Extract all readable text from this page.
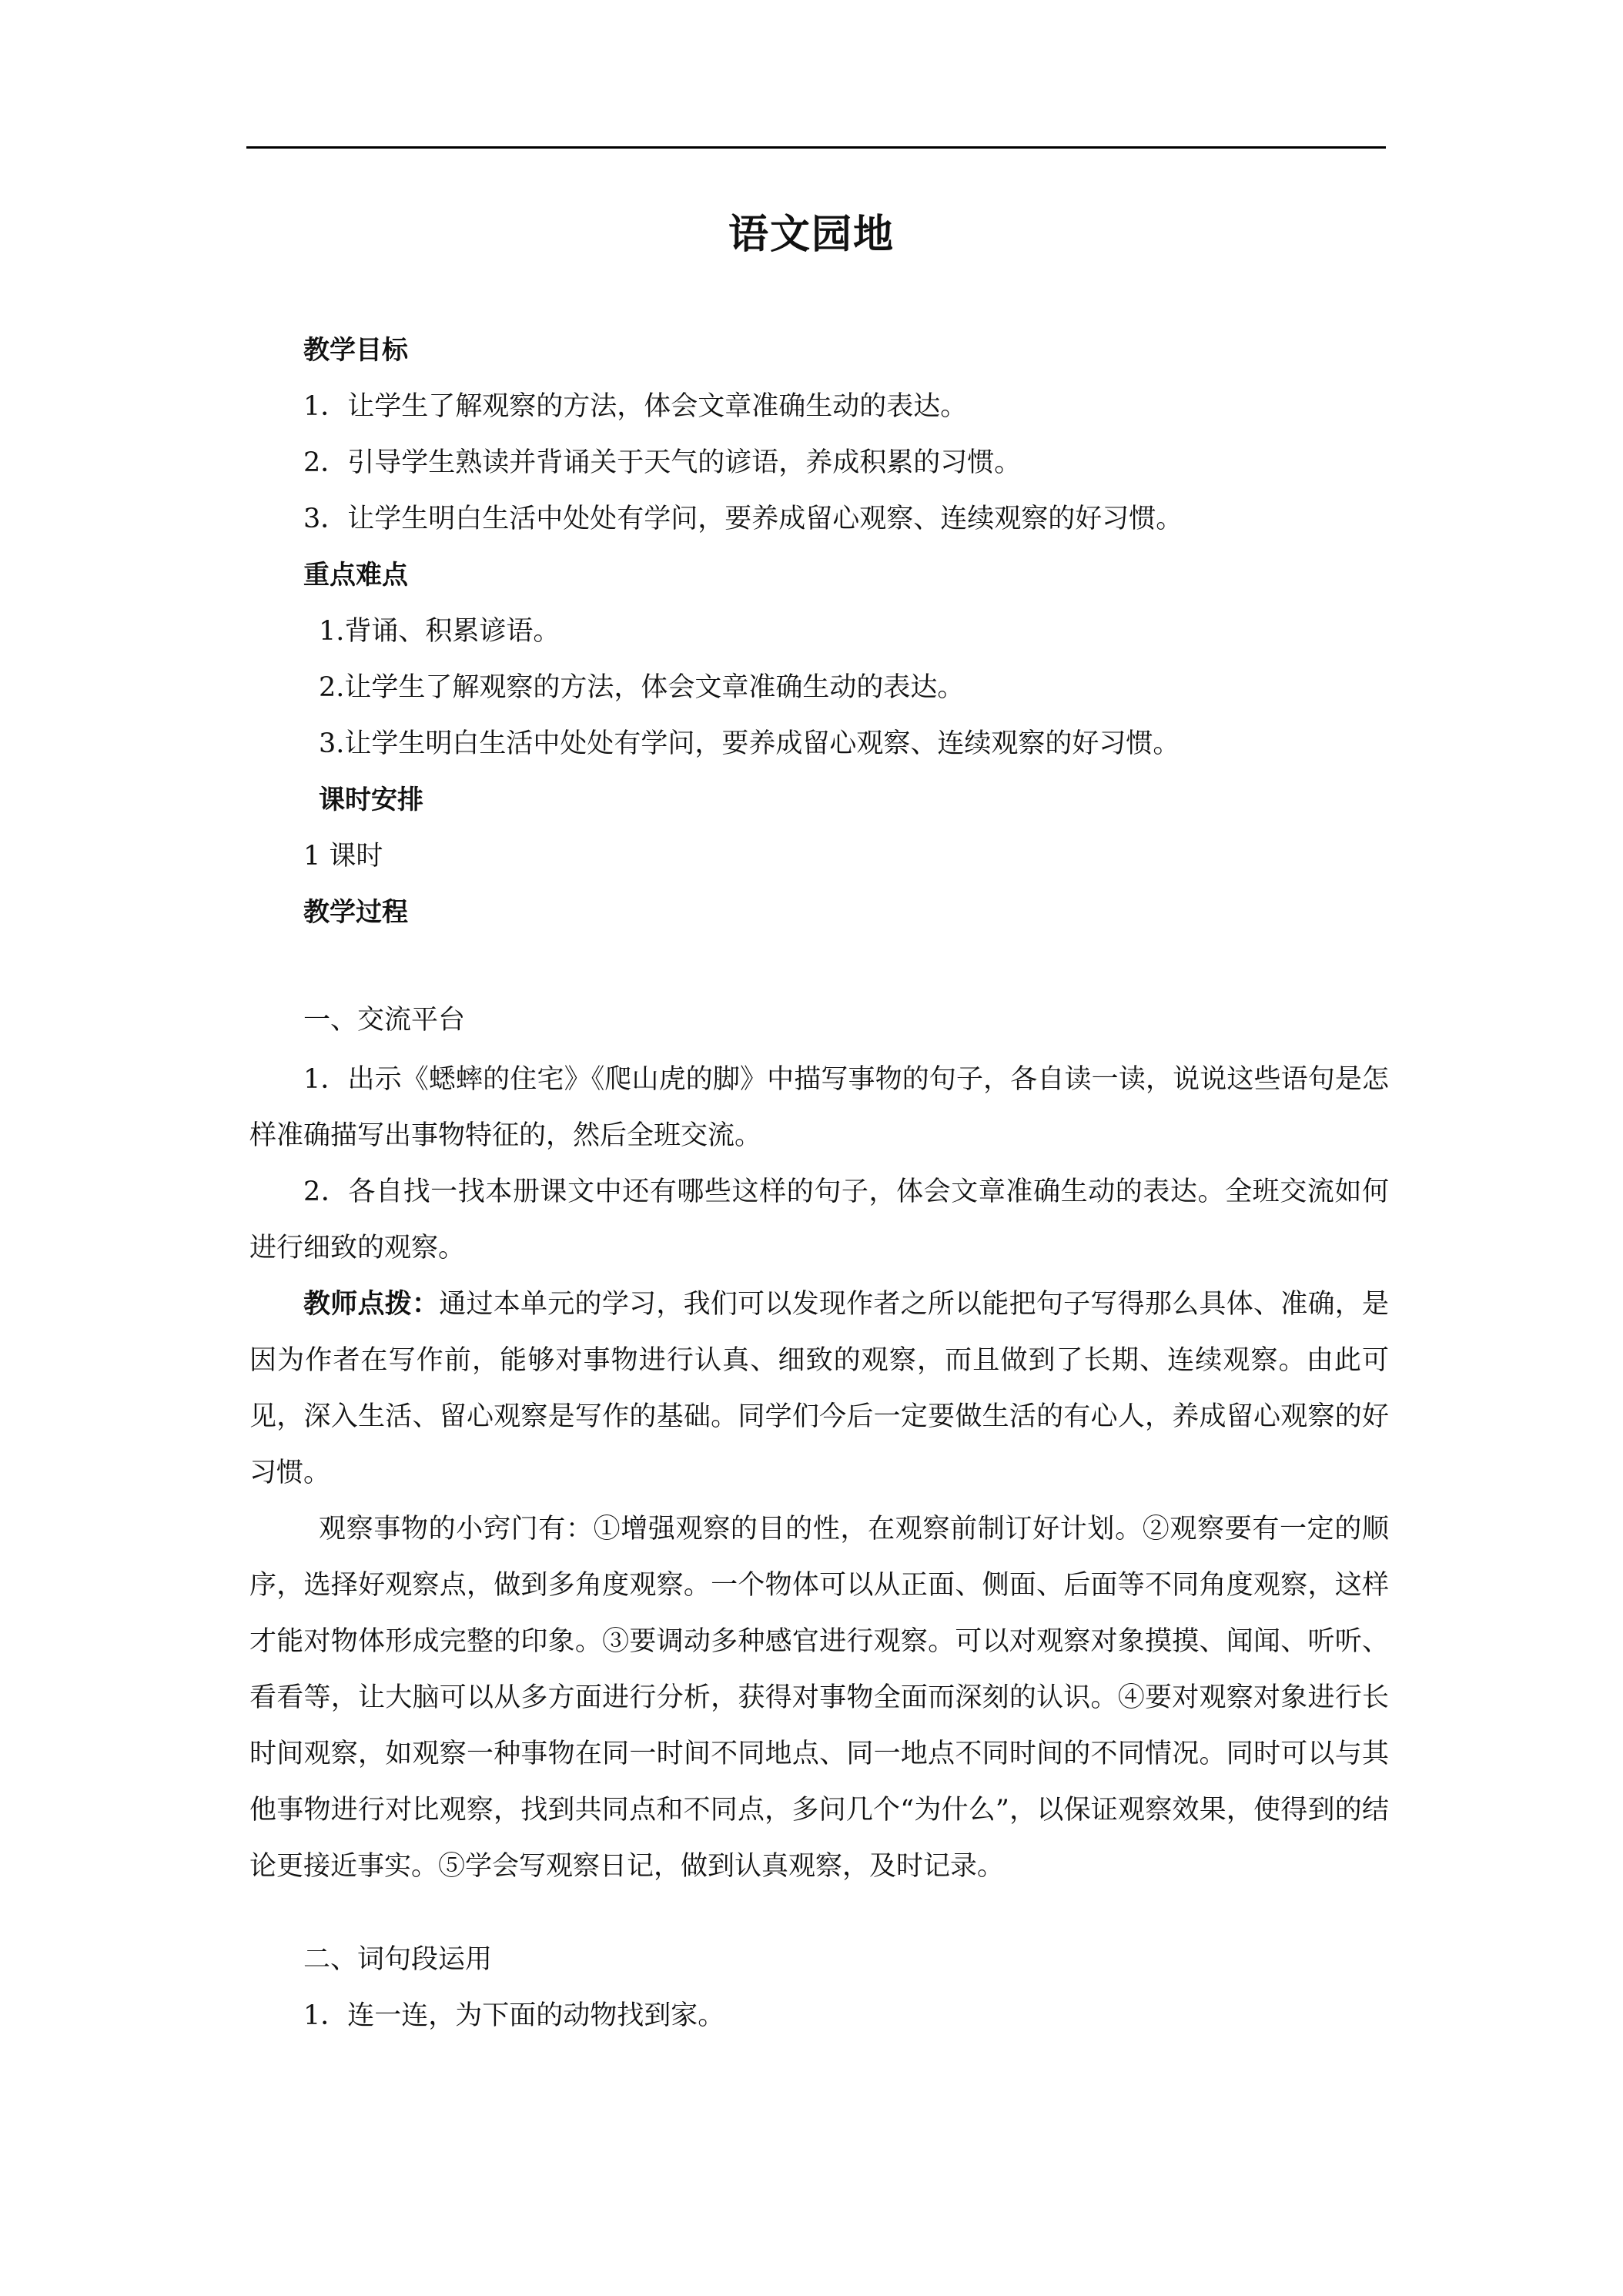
语文园地
教学目标
1．让学生了解观察的方法，体会文章准确生动的表达。
2．引导学生熟读并背诵关于天气的谚语，养成积累的习惯。
3．让学生明白生活中处处有学问，要养成留心观察、连续观察的好习惯。
重点难点
1.背诵、积累谚语。
2.让学生了解观察的方法，体会文章准确生动的表达。
3.让学生明白生活中处处有学问，要养成留心观察、连续观察的好习惯。
课时安排
1 课时
教学过程
一、交流平台

1．出示《蟋蟀的住宅》《爬山虎的脚》中描写事物的句子，各自读一读，说说这些语句是怎样准确描写出事物特征的，然后全班交流。

2．各自找一找本册课文中还有哪些这样的句子，体会文章准确生动的表达。全班交流如何进行细致的观察。

教师点拨：通过本单元的学习，我们可以发现作者之所以能把句子写得那么具体、准确，是因为作者在写作前，能够对事物进行认真、细致的观察，而且做到了长期、连续观察。由此可见，深入生活、留心观察是写作的基础。同学们今后一定要做生活的有心人，养成留心观察的好习惯。

观察事物的小窍门有：①增强观察的目的性，在观察前制订好计划。②观察要有一定的顺序，选择好观察点，做到多角度观察。一个物体可以从正面、侧面、后面等不同角度观察，这样才能对物体形成完整的印象。③要调动多种感官进行观察。可以对观察对象摸摸、闻闻、听听、看看等，让大脑可以从多方面进行分析，获得对事物全面而深刻的认识。④要对观察对象进行长时间观察，如观察一种事物在同一时间不同地点、同一地点不同时间的不同情况。同时可以与其他事物进行对比观察，找到共同点和不同点，多问几个“为什么”，以保证观察效果，使得到的结论更接近事实。⑤学会写观察日记，做到认真观察，及时记录。

二、词句段运用
1．连一连，为下面的动物找到家。
